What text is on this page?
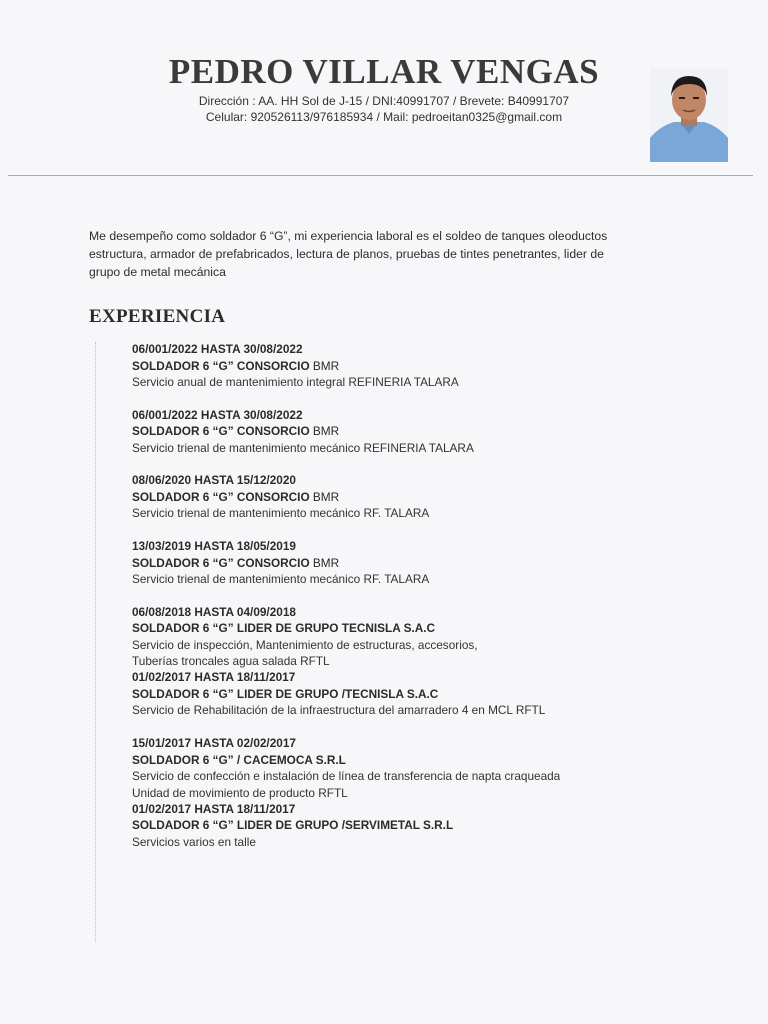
PEDRO VILLAR VENGAS
Dirección : AA. HH Sol de J-15 / DNI:40991707 / Brevete: B40991707
Celular: 920526113/976185934 / Mail: pedroeitan0325@gmail.com
Me desempeño como soldador 6 “G”, mi experiencia laboral es el soldeo de tanques oleoductos
estructura, armador de prefabricados, lectura de planos, pruebas de tintes penetrantes, lider de
grupo de metal mecánica
EXPERIENCIA
06/001/2022 HASTA 30/08/2022
SOLDADOR 6 “G” CONSORCIO BMR
Servicio anual de mantenimiento integral REFINERIA TALARA
06/001/2022 HASTA 30/08/2022
SOLDADOR 6 “G” CONSORCIO BMR
Servicio trienal de mantenimiento mecánico REFINERIA TALARA
08/06/2020 HASTA 15/12/2020
SOLDADOR 6 “G” CONSORCIO BMR
Servicio trienal de mantenimiento mecánico RF. TALARA
13/03/2019 HASTA 18/05/2019
SOLDADOR 6 “G” CONSORCIO BMR
Servicio trienal de mantenimiento mecánico RF. TALARA
06/08/2018 HASTA 04/09/2018
SOLDADOR 6 “G” LIDER DE GRUPO TECNISLA S.A.C
Servicio de inspección, Mantenimiento de estructuras, accesorios,
Tuberías troncales agua salada RFTL
01/02/2017 HASTA 18/11/2017
SOLDADOR 6 “G” LIDER DE GRUPO /TECNISLA S.A.C
Servicio de Rehabilitación de la infraestructura del amarradero 4 en MCL RFTL
15/01/2017 HASTA 02/02/2017
SOLDADOR 6 “G” / CACEMOCA S.R.L
Servicio de confección e instalación de línea de transferencia de napta craqueada
Unidad de movimiento de producto RFTL
01/02/2017 HASTA 18/11/2017
SOLDADOR 6 “G” LIDER DE GRUPO /SERVIMETAL S.R.L
Servicios varios en talle
